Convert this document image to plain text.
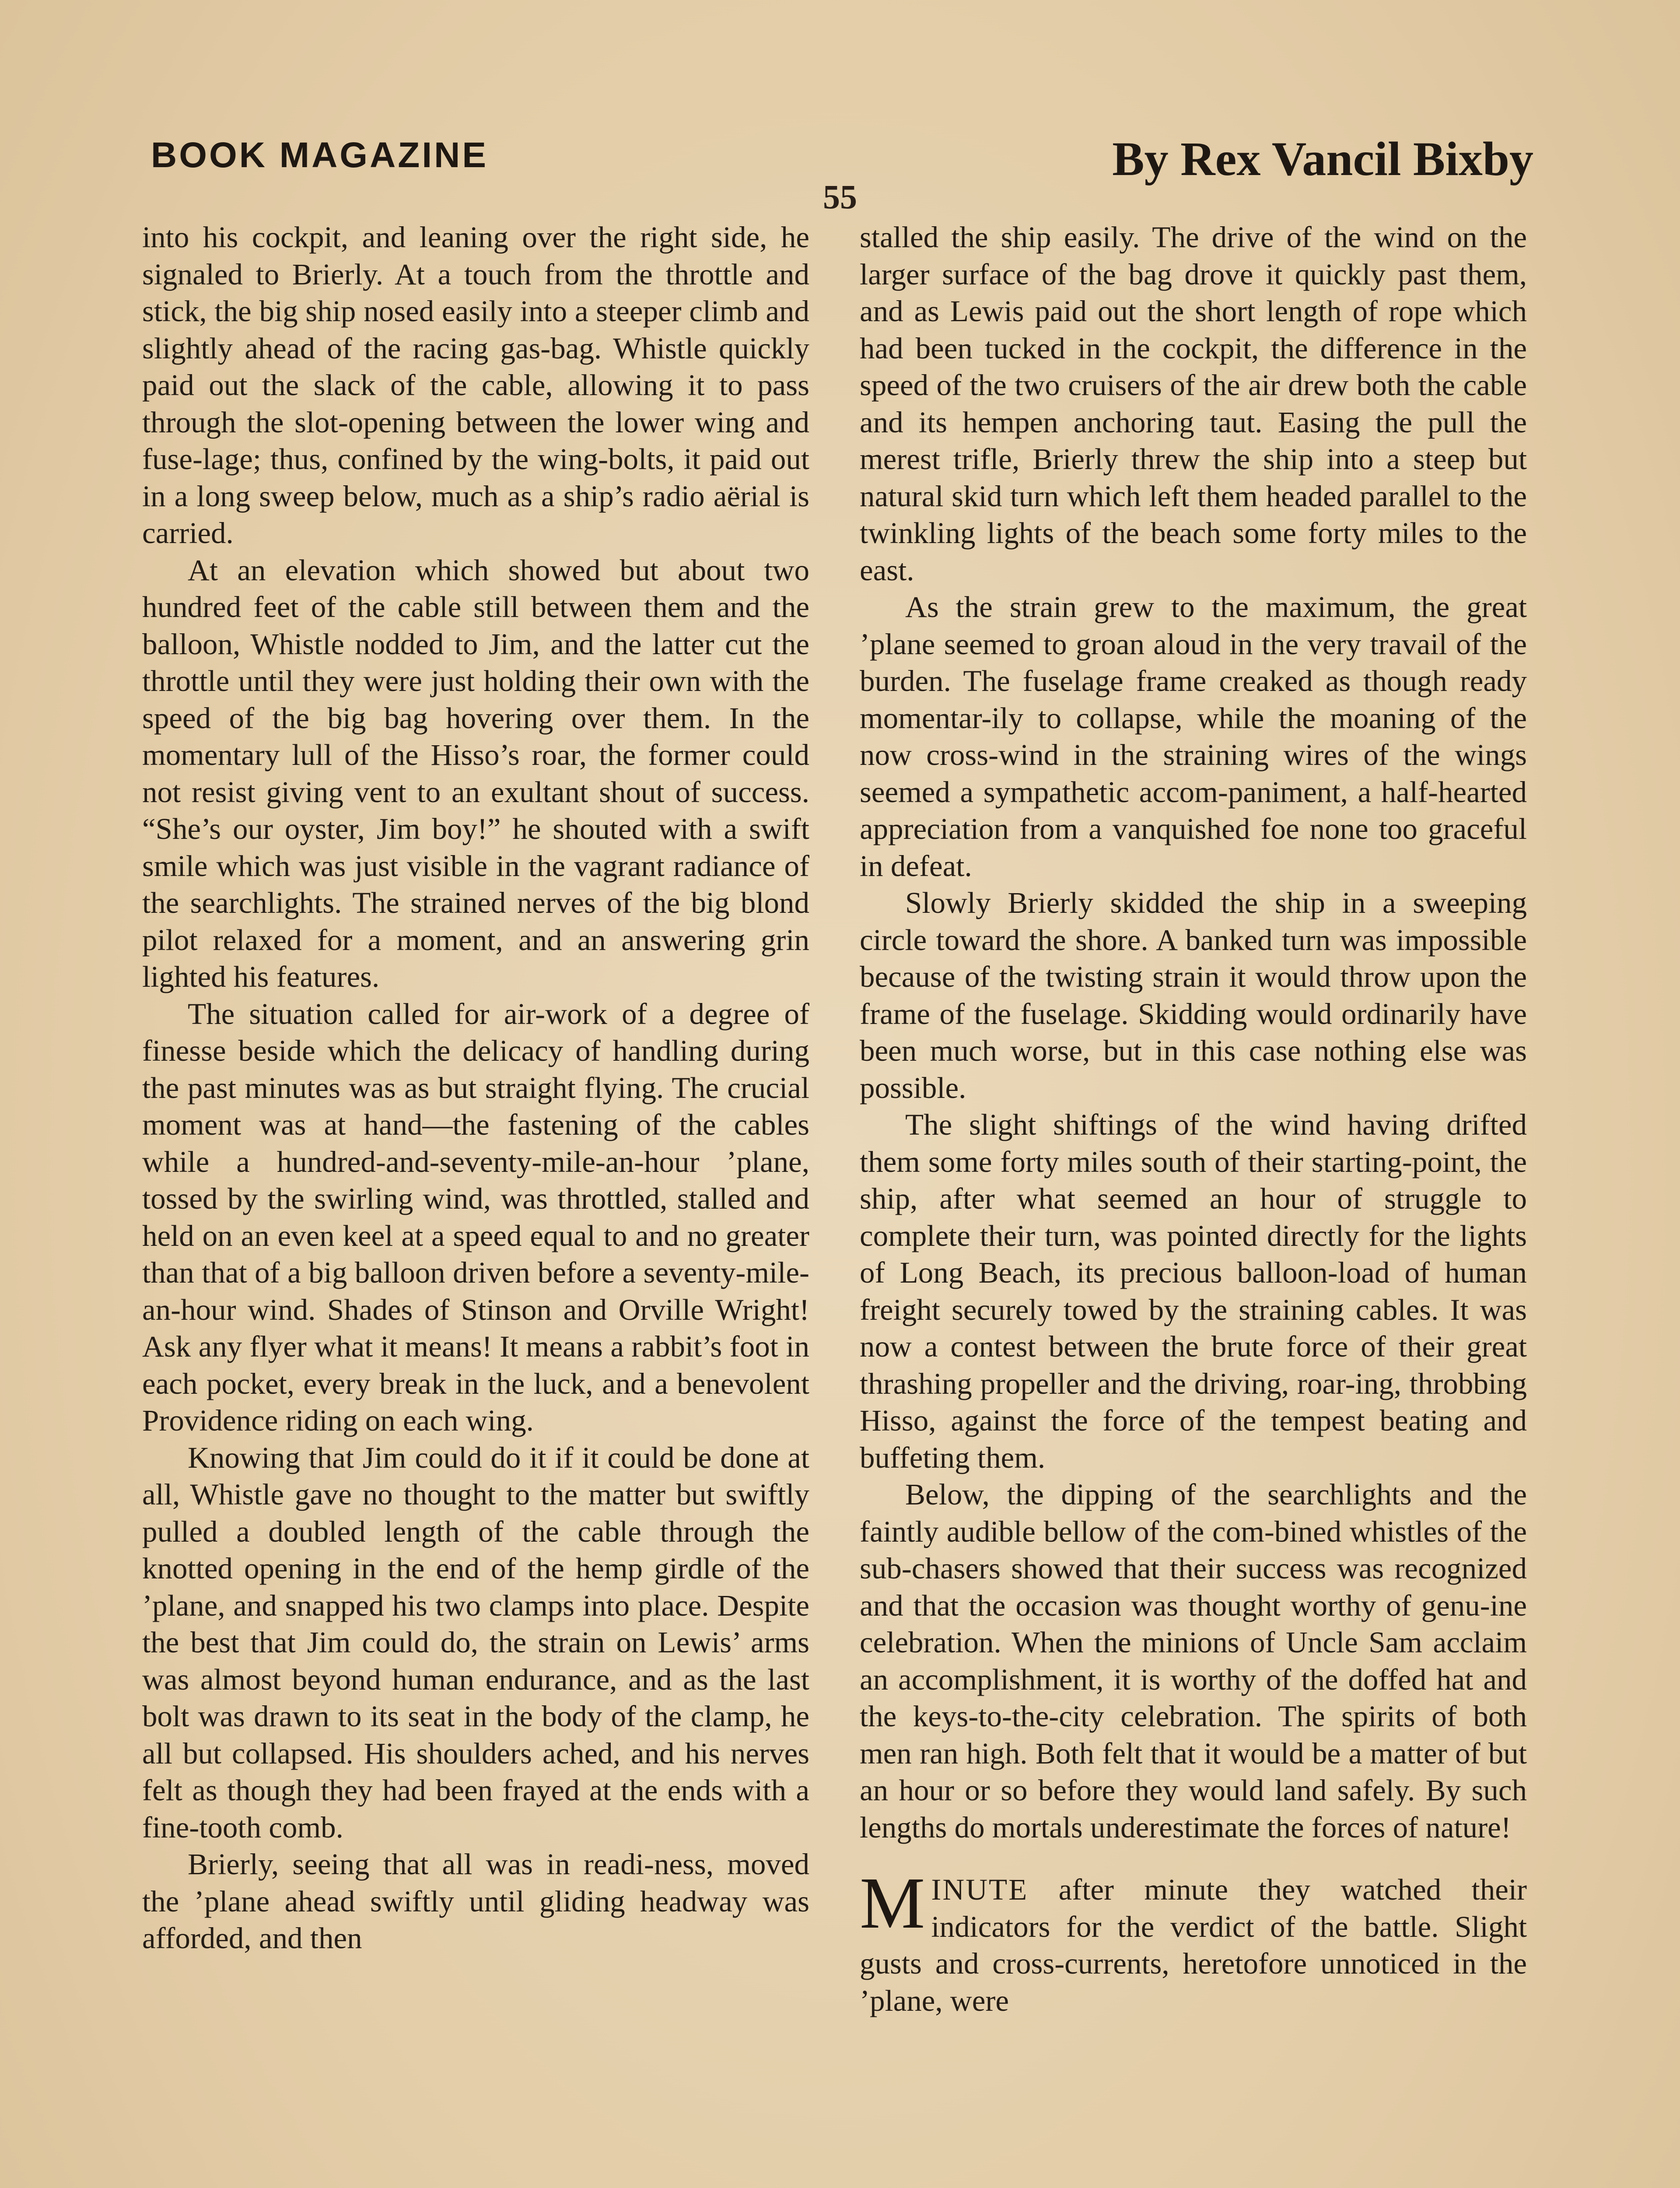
BOOK MAGAZINE	By Rex Vancil Bixby
55

into his cockpit, and leaning over the right side, he signaled to Brierly. At a touch from the throttle and stick, the big ship nosed easily into a steeper climb and slightly ahead of the racing gas-bag. Whistle quickly paid out the slack of the cable, allowing it to pass through the slot-opening between the lower wing and fuse-lage; thus, confined by the wing-bolts, it paid out in a long sweep below, much as a ship’s radio aërial is carried.

At an elevation which showed but about two hundred feet of the cable still between them and the balloon, Whistle nodded to Jim, and the latter cut the throttle until they were just holding their own with the speed of the big bag hovering over them. In the momentary lull of the Hisso’s roar, the former could not resist giving vent to an exultant shout of success. “She’s our oyster, Jim boy!” he shouted with a swift smile which was just visible in the vagrant radiance of the searchlights. The strained nerves of the big blond pilot relaxed for a moment, and an answering grin lighted his features.

The situation called for air-work of a degree of finesse beside which the delicacy of handling during the past minutes was as but straight flying. The crucial moment was at hand—the fastening of the cables while a hundred-and-seventy-mile-an-hour ’plane, tossed by the swirling wind, was throttled, stalled and held on an even keel at a speed equal to and no greater than that of a big balloon driven before a seventy-mile-an-hour wind. Shades of Stinson and Orville Wright! Ask any flyer what it means! It means a rabbit’s foot in each pocket, every break in the luck, and a benevolent Providence riding on each wing.

Knowing that Jim could do it if it could be done at all, Whistle gave no thought to the matter but swiftly pulled a doubled length of the cable through the knotted opening in the end of the hemp girdle of the ’plane, and snapped his two clamps into place. Despite the best that Jim could do, the strain on Lewis’ arms was almost beyond human endurance, and as the last bolt was drawn to its seat in the body of the clamp, he all but collapsed. His shoulders ached, and his nerves felt as though they had been frayed at the ends with a fine-tooth comb.

Brierly, seeing that all was in readi-ness, moved the ’plane ahead swiftly until gliding headway was afforded, and then

stalled the ship easily. The drive of the wind on the larger surface of the bag drove it quickly past them, and as Lewis paid out the short length of rope which had been tucked in the cockpit, the difference in the speed of the two cruisers of the air drew both the cable and its hempen anchoring taut. Easing the pull the merest trifle, Brierly threw the ship into a steep but natural skid turn which left them headed parallel to the twinkling lights of the beach some forty miles to the east.

As the strain grew to the maximum, the great ’plane seemed to groan aloud in the very travail of the burden. The fuselage frame creaked as though ready momentar-ily to collapse, while the moaning of the now cross-wind in the straining wires of the wings seemed a sympathetic accom-paniment, a half-hearted appreciation from a vanquished foe none too graceful in defeat.

Slowly Brierly skidded the ship in a sweeping circle toward the shore. A banked turn was impossible because of the twisting strain it would throw upon the frame of the fuselage. Skidding would ordinarily have been much worse, but in this case nothing else was possible.

The slight shiftings of the wind having drifted them some forty miles south of their starting-point, the ship, after what seemed an hour of struggle to complete their turn, was pointed directly for the lights of Long Beach, its precious balloon-load of human freight securely towed by the straining cables. It was now a contest between the brute force of their great thrashing propeller and the driving, roar-ing, throbbing Hisso, against the force of the tempest beating and buffeting them.

Below, the dipping of the searchlights and the faintly audible bellow of the com-bined whistles of the sub-chasers showed that their success was recognized and that the occasion was thought worthy of genu-ine celebration. When the minions of Uncle Sam acclaim an accomplishment, it is worthy of the doffed hat and the keys-to-the-city celebration. The spirits of both men ran high. Both felt that it would be a matter of but an hour or so before they would land safely. By such lengths do mortals underestimate the forces of nature!

MINUTE after minute they watched their indicators for the verdict of the battle. Slight gusts and cross-currents, heretofore unnoticed in the ’plane, were
